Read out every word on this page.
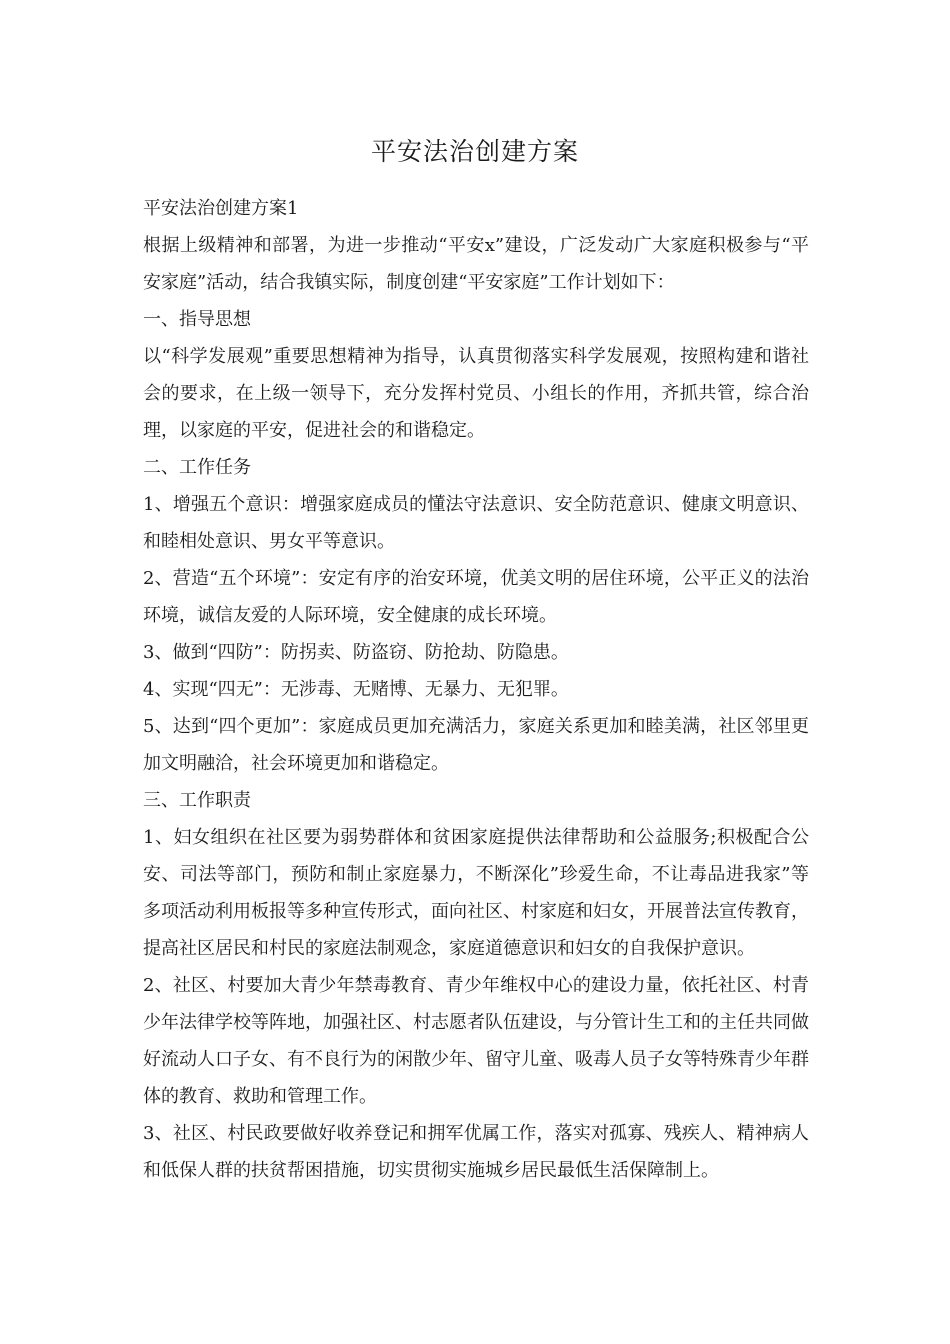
平安法治创建方案

平安法治创建方案1

根据上级精神和部署，为进一步推动“平安x”建设，广泛发动广大家庭积极参与“平安家庭”活动，结合我镇实际，制度创建“平安家庭”工作计划如下：

一、指导思想

以“科学发展观”重要思想精神为指导，认真贯彻落实科学发展观，按照构建和谐社会的要求，在上级一领导下，充分发挥村党员、小组长的作用，齐抓共管，综合治理，以家庭的平安，促进社会的和谐稳定。

二、工作任务

1、增强五个意识：增强家庭成员的懂法守法意识、安全防范意识、健康文明意识、和睦相处意识、男女平等意识。

2、营造“五个环境”：安定有序的治安环境，优美文明的居住环境，公平正义的法治环境，诚信友爱的人际环境，安全健康的成长环境。

3、做到“四防”：防拐卖、防盗窃、防抢劫、防隐患。

4、实现“四无”：无涉毒、无赌博、无暴力、无犯罪。

5、达到“四个更加”：家庭成员更加充满活力，家庭关系更加和睦美满，社区邻里更加文明融洽，社会环境更加和谐稳定。

三、工作职责

1、妇女组织在社区要为弱势群体和贫困家庭提供法律帮助和公益服务;积极配合公安、司法等部门，预防和制止家庭暴力，不断深化”珍爱生命，不让毒品进我家”等多项活动利用板报等多种宣传形式，面向社区、村家庭和妇女，开展普法宣传教育，提高社区居民和村民的家庭法制观念，家庭道德意识和妇女的自我保护意识。

2、社区、村要加大青少年禁毒教育、青少年维权中心的建设力量，依托社区、村青少年法律学校等阵地，加强社区、村志愿者队伍建设，与分管计生工和的主任共同做好流动人口子女、有不良行为的闲散少年、留守儿童、吸毒人员子女等特殊青少年群体的教育、救助和管理工作。

3、社区、村民政要做好收养登记和拥军优属工作，落实对孤寡、残疾人、精神病人和低保人群的扶贫帮困措施，切实贯彻实施城乡居民最低生活保障制上。
